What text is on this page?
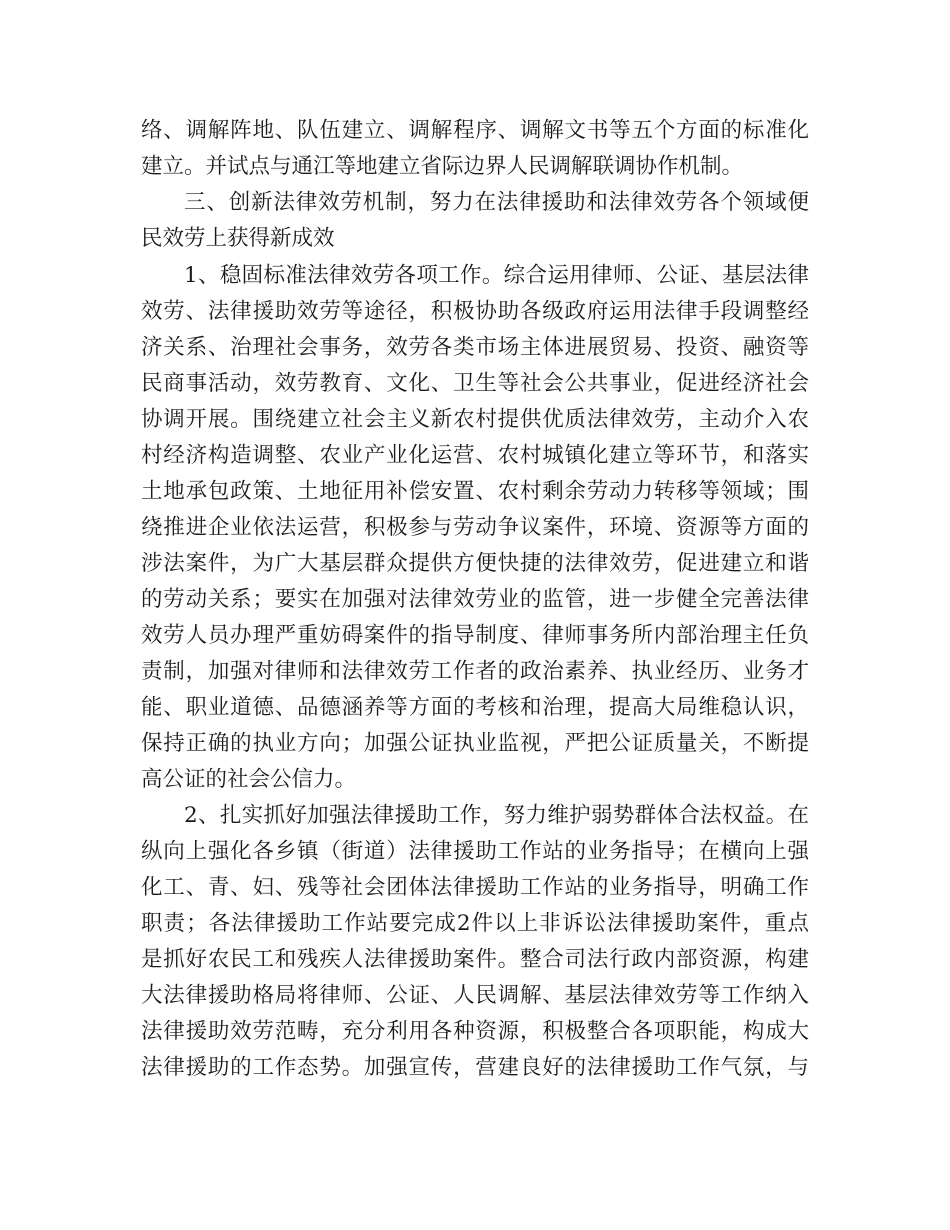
络、调解阵地、队伍建立、调解程序、调解文书等五个方面的标准化
建立。并试点与通江等地建立省际边界人民调解联调协作机制。
三、创新法律效劳机制，努力在法律援助和法律效劳各个领域便
民效劳上获得新成效
1、稳固标准法律效劳各项工作。综合运用律师、公证、基层法律
效劳、法律援助效劳等途径，积极协助各级政府运用法律手段调整经
济关系、治理社会事务，效劳各类市场主体进展贸易、投资、融资等
民商事活动，效劳教育、文化、卫生等社会公共事业，促进经济社会
协调开展。围绕建立社会主义新农村提供优质法律效劳，主动介入农
村经济构造调整、农业产业化运营、农村城镇化建立等环节，和落实
土地承包政策、土地征用补偿安置、农村剩余劳动力转移等领域；围
绕推进企业依法运营，积极参与劳动争议案件，环境、资源等方面的
涉法案件，为广大基层群众提供方便快捷的法律效劳，促进建立和谐
的劳动关系；要实在加强对法律效劳业的监管，进一步健全完善法律
效劳人员办理严重妨碍案件的指导制度、律师事务所内部治理主任负
责制，加强对律师和法律效劳工作者的政治素养、执业经历、业务才
能、职业道德、品德涵养等方面的考核和治理，提高大局维稳认识，
保持正确的执业方向；加强公证执业监视，严把公证质量关，不断提
高公证的社会公信力。
2、扎实抓好加强法律援助工作，努力维护弱势群体合法权益。在
纵向上强化各乡镇（街道）法律援助工作站的业务指导；在横向上强
化工、青、妇、残等社会团体法律援助工作站的业务指导，明确工作
职责；各法律援助工作站要完成2件以上非诉讼法律援助案件，重点
是抓好农民工和残疾人法律援助案件。整合司法行政内部资源，构建
大法律援助格局将律师、公证、人民调解、基层法律效劳等工作纳入
法律援助效劳范畴，充分利用各种资源，积极整合各项职能，构成大
法律援助的工作态势。加强宣传，营建良好的法律援助工作气氛，与
